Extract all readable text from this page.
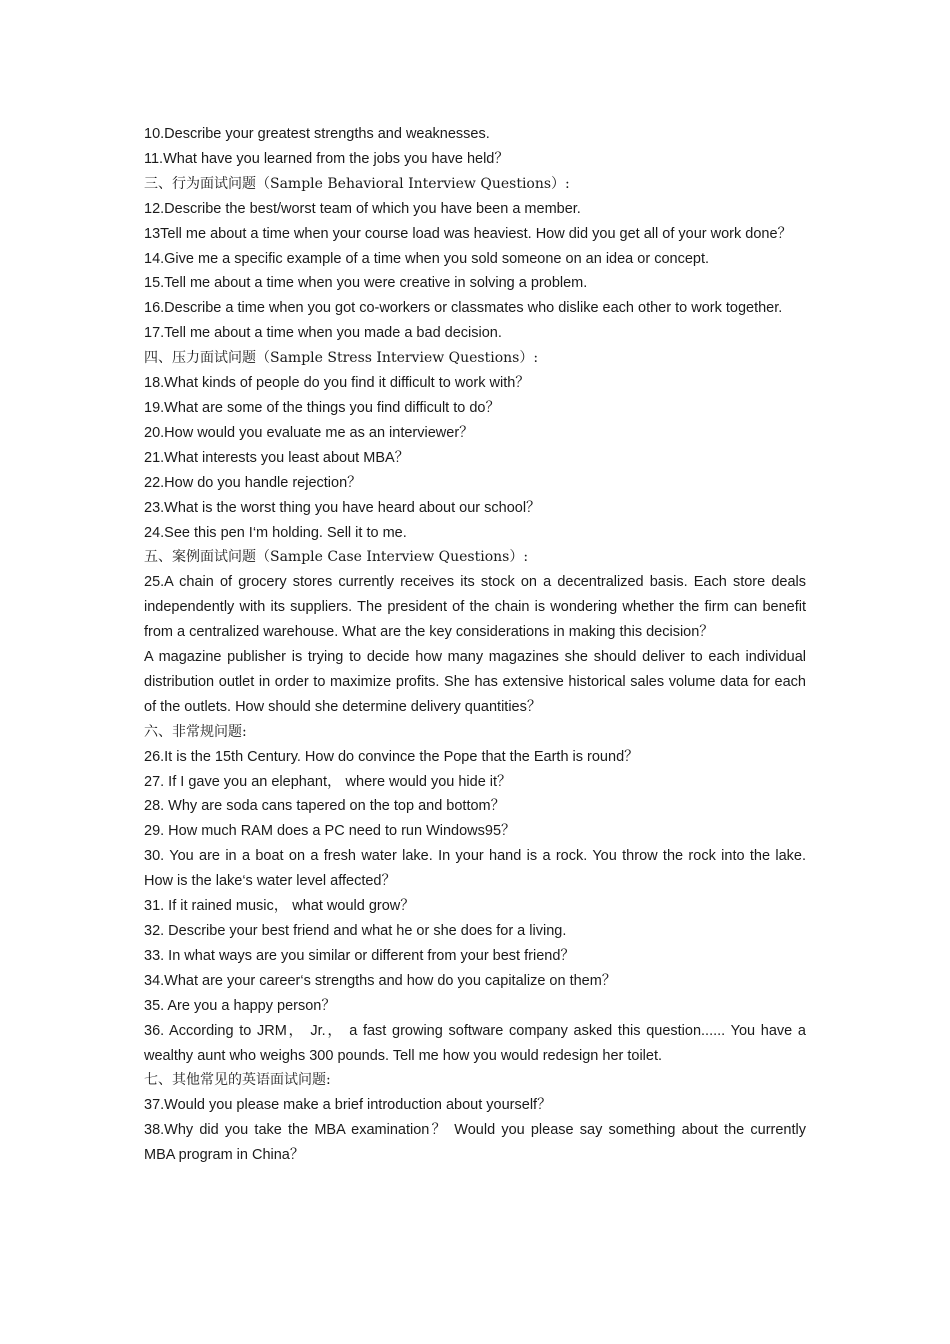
10.Describe your greatest strengths and weaknesses.

11.What have you learned from the jobs you have held？

三、行为面试问题（Sample Behavioral Interview Questions）:

12.Describe the best/worst team of which you have been a member.

13Tell me about a time when your course load was heaviest. How did you get all of your work done？

14.Give me a specific example of a time when you sold someone on an idea or concept.

15.Tell me about a time when you were creative in solving a problem.

16.Describe a time when you got co-workers or classmates who dislike each other to work together.

17.Tell me about a time when you made a bad decision.

四、压力面试问题（Sample Stress Interview Questions）:

18.What kinds of people do you find it difficult to work with？

19.What are some of the things you find difficult to do？

20.How would you evaluate me as an interviewer？

21.What interests you least about MBA？

22.How do you handle rejection？

23.What is the worst thing you have heard about our school？

24.See this pen I‘m holding. Sell it to me.

五、案例面试问题（Sample Case Interview Questions）:

25.A chain of grocery stores currently receives its stock on a decentralized basis. Each store deals independently with its suppliers. The president of the chain is wondering whether the firm can benefit from a centralized warehouse. What are the key considerations in making this decision？

A magazine publisher is trying to decide how many magazines she should deliver to each individual distribution outlet in order to maximize profits. She has extensive historical sales volume data for each of the outlets. How should she determine delivery quantities？

六、非常规问题:

26.It is the 15th Century. How do convince the Pope that the Earth is round？

27. If I gave you an elephant， where would you hide it？

28. Why are soda cans tapered on the top and bottom？

29. How much RAM does a PC need to run Windows95？

30. You are in a boat on a fresh water lake. In your hand is a rock. You throw the rock into the lake. How is the lake‘s water level affected？

31. If it rained music， what would grow？

32. Describe your best friend and what he or she does for a living.

33. In what ways are you similar or different from your best friend？

34.What are your career‘s strengths and how do you capitalize on them？

35. Are you a happy person？

36. According to JRM， Jr.， a fast growing software company asked this question...... You have a wealthy aunt who weighs 300 pounds. Tell me how you would redesign her toilet.

七、其他常见的英语面试问题:

37.Would you please make a brief introduction about yourself？

38.Why did you take the MBA examination？ Would you please say something about the currently MBA program in China？
